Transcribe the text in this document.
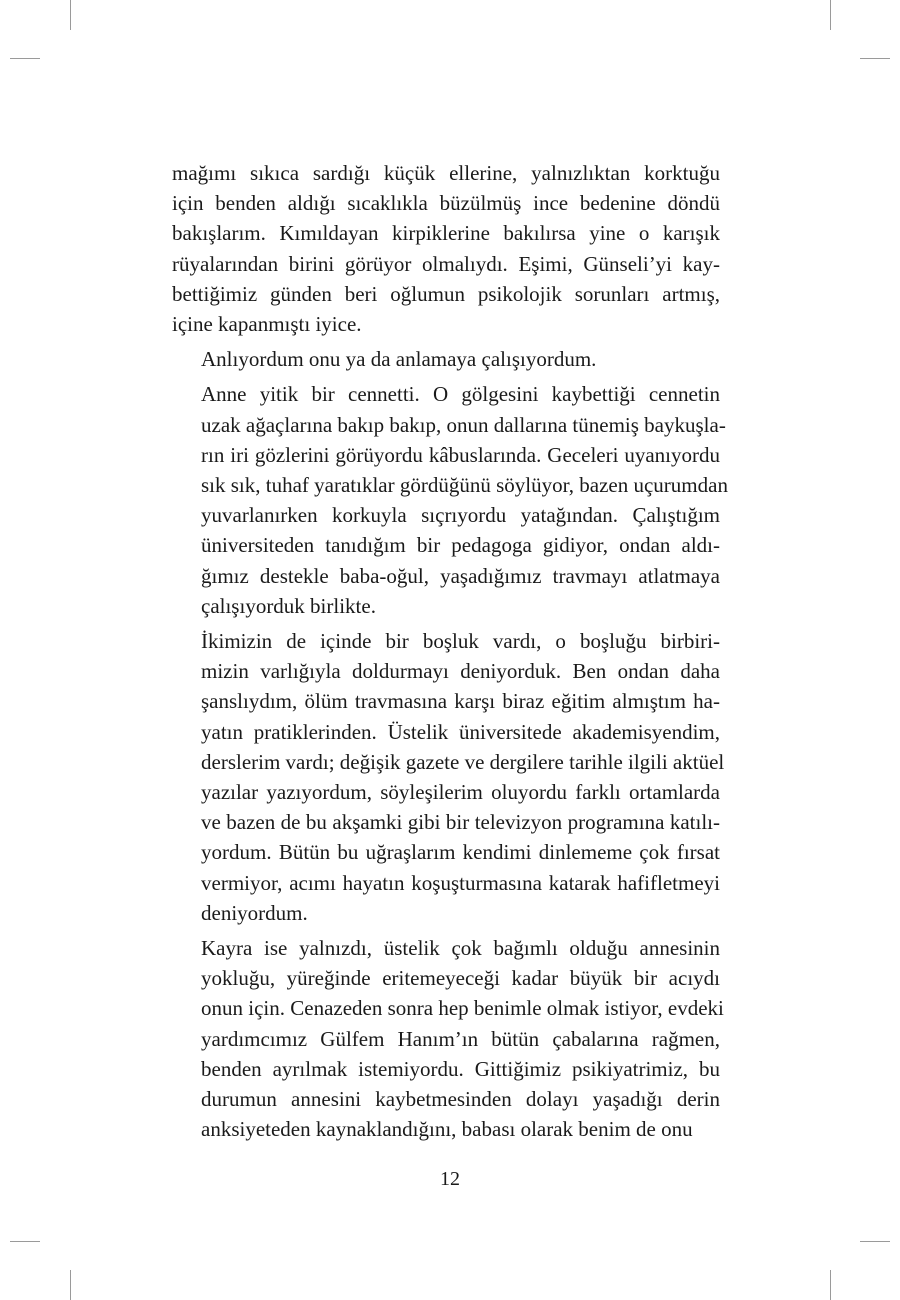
mağımı sıkıca sardığı küçük ellerine, yalnızlıktan korktuğu
için benden aldığı sıcaklıkla büzülmüş ince bedenine döndü
bakışlarım. Kımıldayan kirpiklerine bakılırsa yine o karışık
rüyalarından birini görüyor olmalıydı. Eşimi, Günseli’yi kay-
bettiğimiz günden beri oğlumun psikolojik sorunları artmış,
içine kapanmıştı iyice.

Anlıyordum onu ya da anlamaya çalışıyordum.

Anne yitik bir cennetti. O gölgesini kaybettiği cennetin
uzak ağaçlarına bakıp bakıp, onun dallarına tünemiş baykuşla-
rın iri gözlerini görüyordu kâbuslarında. Geceleri uyanıyordu
sık sık, tuhaf yaratıklar gördüğünü söylüyor, bazen uçurumdan
yuvarlanırken korkuyla sıçrıyordu yatağından. Çalıştığım
üniversiteden tanıdığım bir pedagoga gidiyor, ondan aldı-
ğımız destekle baba-oğul, yaşadığımız travmayı atlatmaya
çalışıyorduk birlikte.

İkimizin de içinde bir boşluk vardı, o boşluğu birbiri-
mizin varlığıyla doldurmayı deniyorduk. Ben ondan daha
şanslıydım, ölüm travmasına karşı biraz eğitim almıştım ha-
yatın pratiklerinden. Üstelik üniversitede akademisyendim,
derslerim vardı; değişik gazete ve dergilere tarihle ilgili aktüel
yazılar yazıyordum, söyleşilerim oluyordu farklı ortamlarda
ve bazen de bu akşamki gibi bir televizyon programına katılı-
yordum. Bütün bu uğraşlarım kendimi dinlememe çok fırsat
vermiyor, acımı hayatın koşuşturmasına katarak hafifletmeyi
deniyordum.

Kayra ise yalnızdı, üstelik çok bağımlı olduğu annesinin
yokluğu, yüreğinde eritemeyeceği kadar büyük bir acıydı
onun için. Cenazeden sonra hep benimle olmak istiyor, evdeki
yardımcımız Gülfem Hanım’ın bütün çabalarına rağmen,
benden ayrılmak istemiyordu. Gittiğimiz psikiyatrimiz, bu
durumun annesini kaybetmesinden dolayı yaşadığı derin
anksiyeteden kaynaklandığını, babası olarak benim de onu

12
